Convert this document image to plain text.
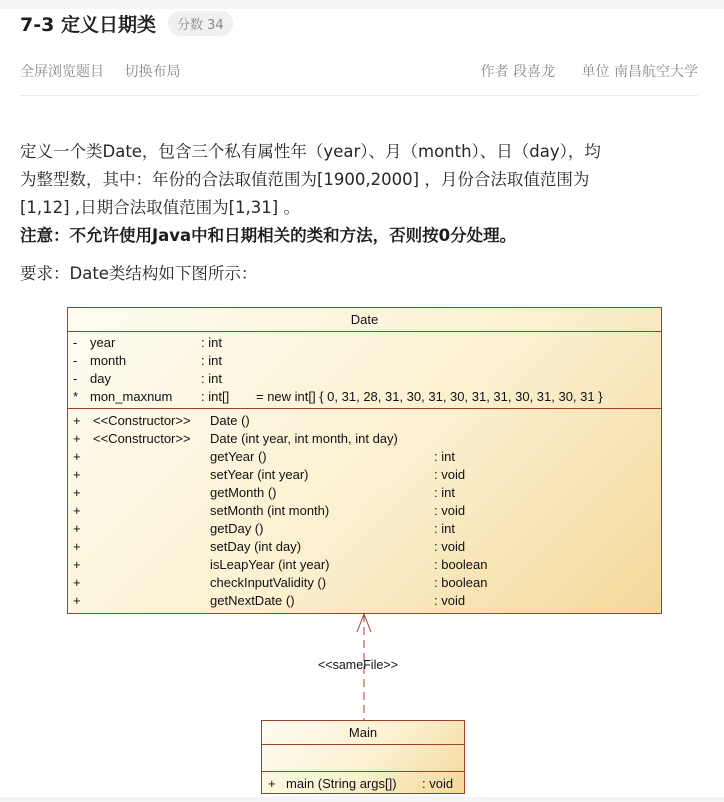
7-3 定义日期类	分数 34
全屏浏览题目 切换布局	作者 段喜龙 单位 南昌航空大学

定义一个类Date，包含三个私有属性年（year）、月（month）、日（day），均

为整型数，其中：年份的合法取值范围为[1900,2000] ，月份合法取值范围为

[1,12] ,日期合法取值范围为[1,31] 。

注意：不允许使用Java中和日期相关的类和方法，否则按0分处理。

要求：Date类结构如下图所示：
Date
- year	: int
- month	: int
- day	: int
* mon_maxnum : int[] = new int[] { 0, 31, 28, 31, 30, 31, 30, 31, 31, 30, 31, 30, 31 }
+ <<Constructor>> Date ()
+ <<Constructor>> Date (int year, int month, int day)
+	getYear ()	: int
+	setYear (int year)	: void
+	getMonth ()	: int
+	setMonth (int month)	: void
+	getDay ()	: int
+	setDay (int day)	: void
+	isLeapYear (int year)	: boolean
+	checkInputValidity ()	: boolean
+	getNextDate ()	: void
<<sameFile>>
Main
+ main (String args[]) : void
